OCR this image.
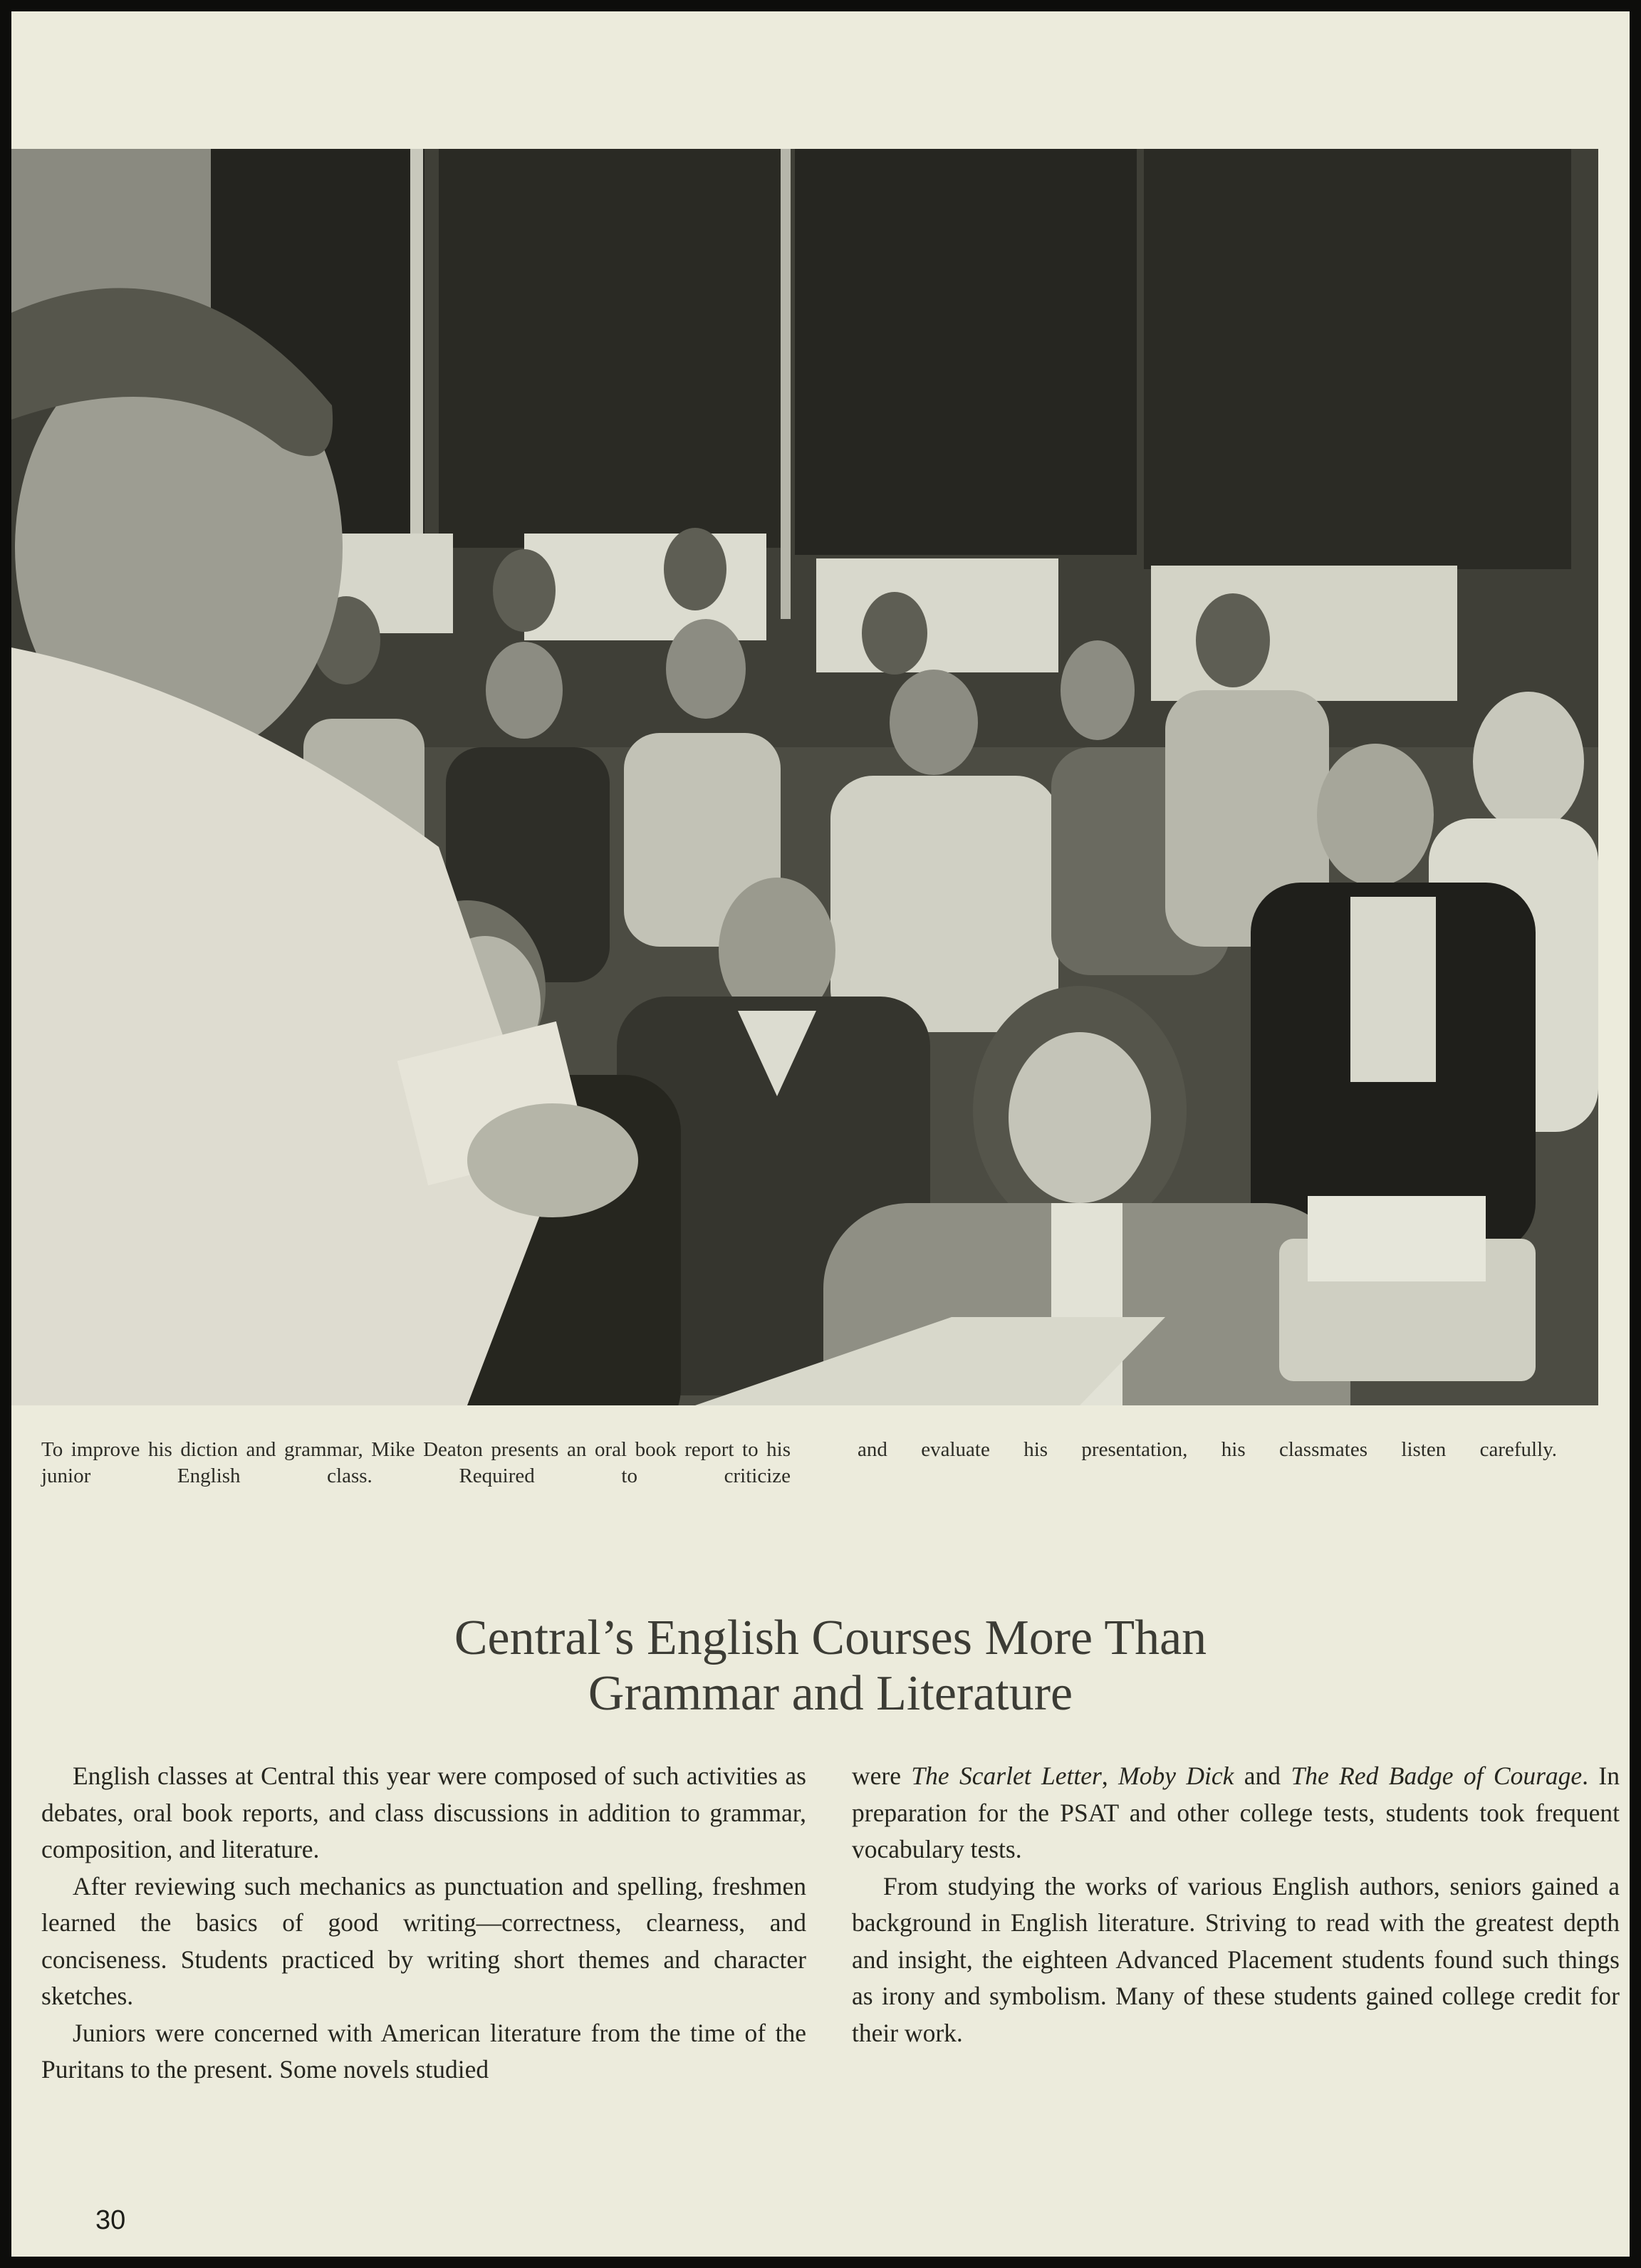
To improve his diction and grammar, Mike Deaton presents an oral book report to his junior English class. Required to criticize
and evaluate his presentation, his classmates listen carefully.
Central’s English Courses More Than
Grammar and Literature

English classes at Central this year were composed of such activities as debates, oral book reports, and class discussions in addition to grammar, composition, and literature.

After reviewing such mechanics as punctuation and spelling, freshmen learned the basics of good writing—correctness, clearness, and conciseness. Students practiced by writing short themes and character sketches.

Juniors were concerned with American literature from the time of the Puritans to the present. Some novels studied

were The Scarlet Letter, Moby Dick and The Red Badge of Courage. In preparation for the PSAT and other college tests, students took frequent vocabulary tests.

From studying the works of various English authors, seniors gained a background in English literature. Striving to read with the greatest depth and insight, the eighteen Advanced Placement students found such things as irony and symbolism. Many of these students gained college credit for their work.

30
